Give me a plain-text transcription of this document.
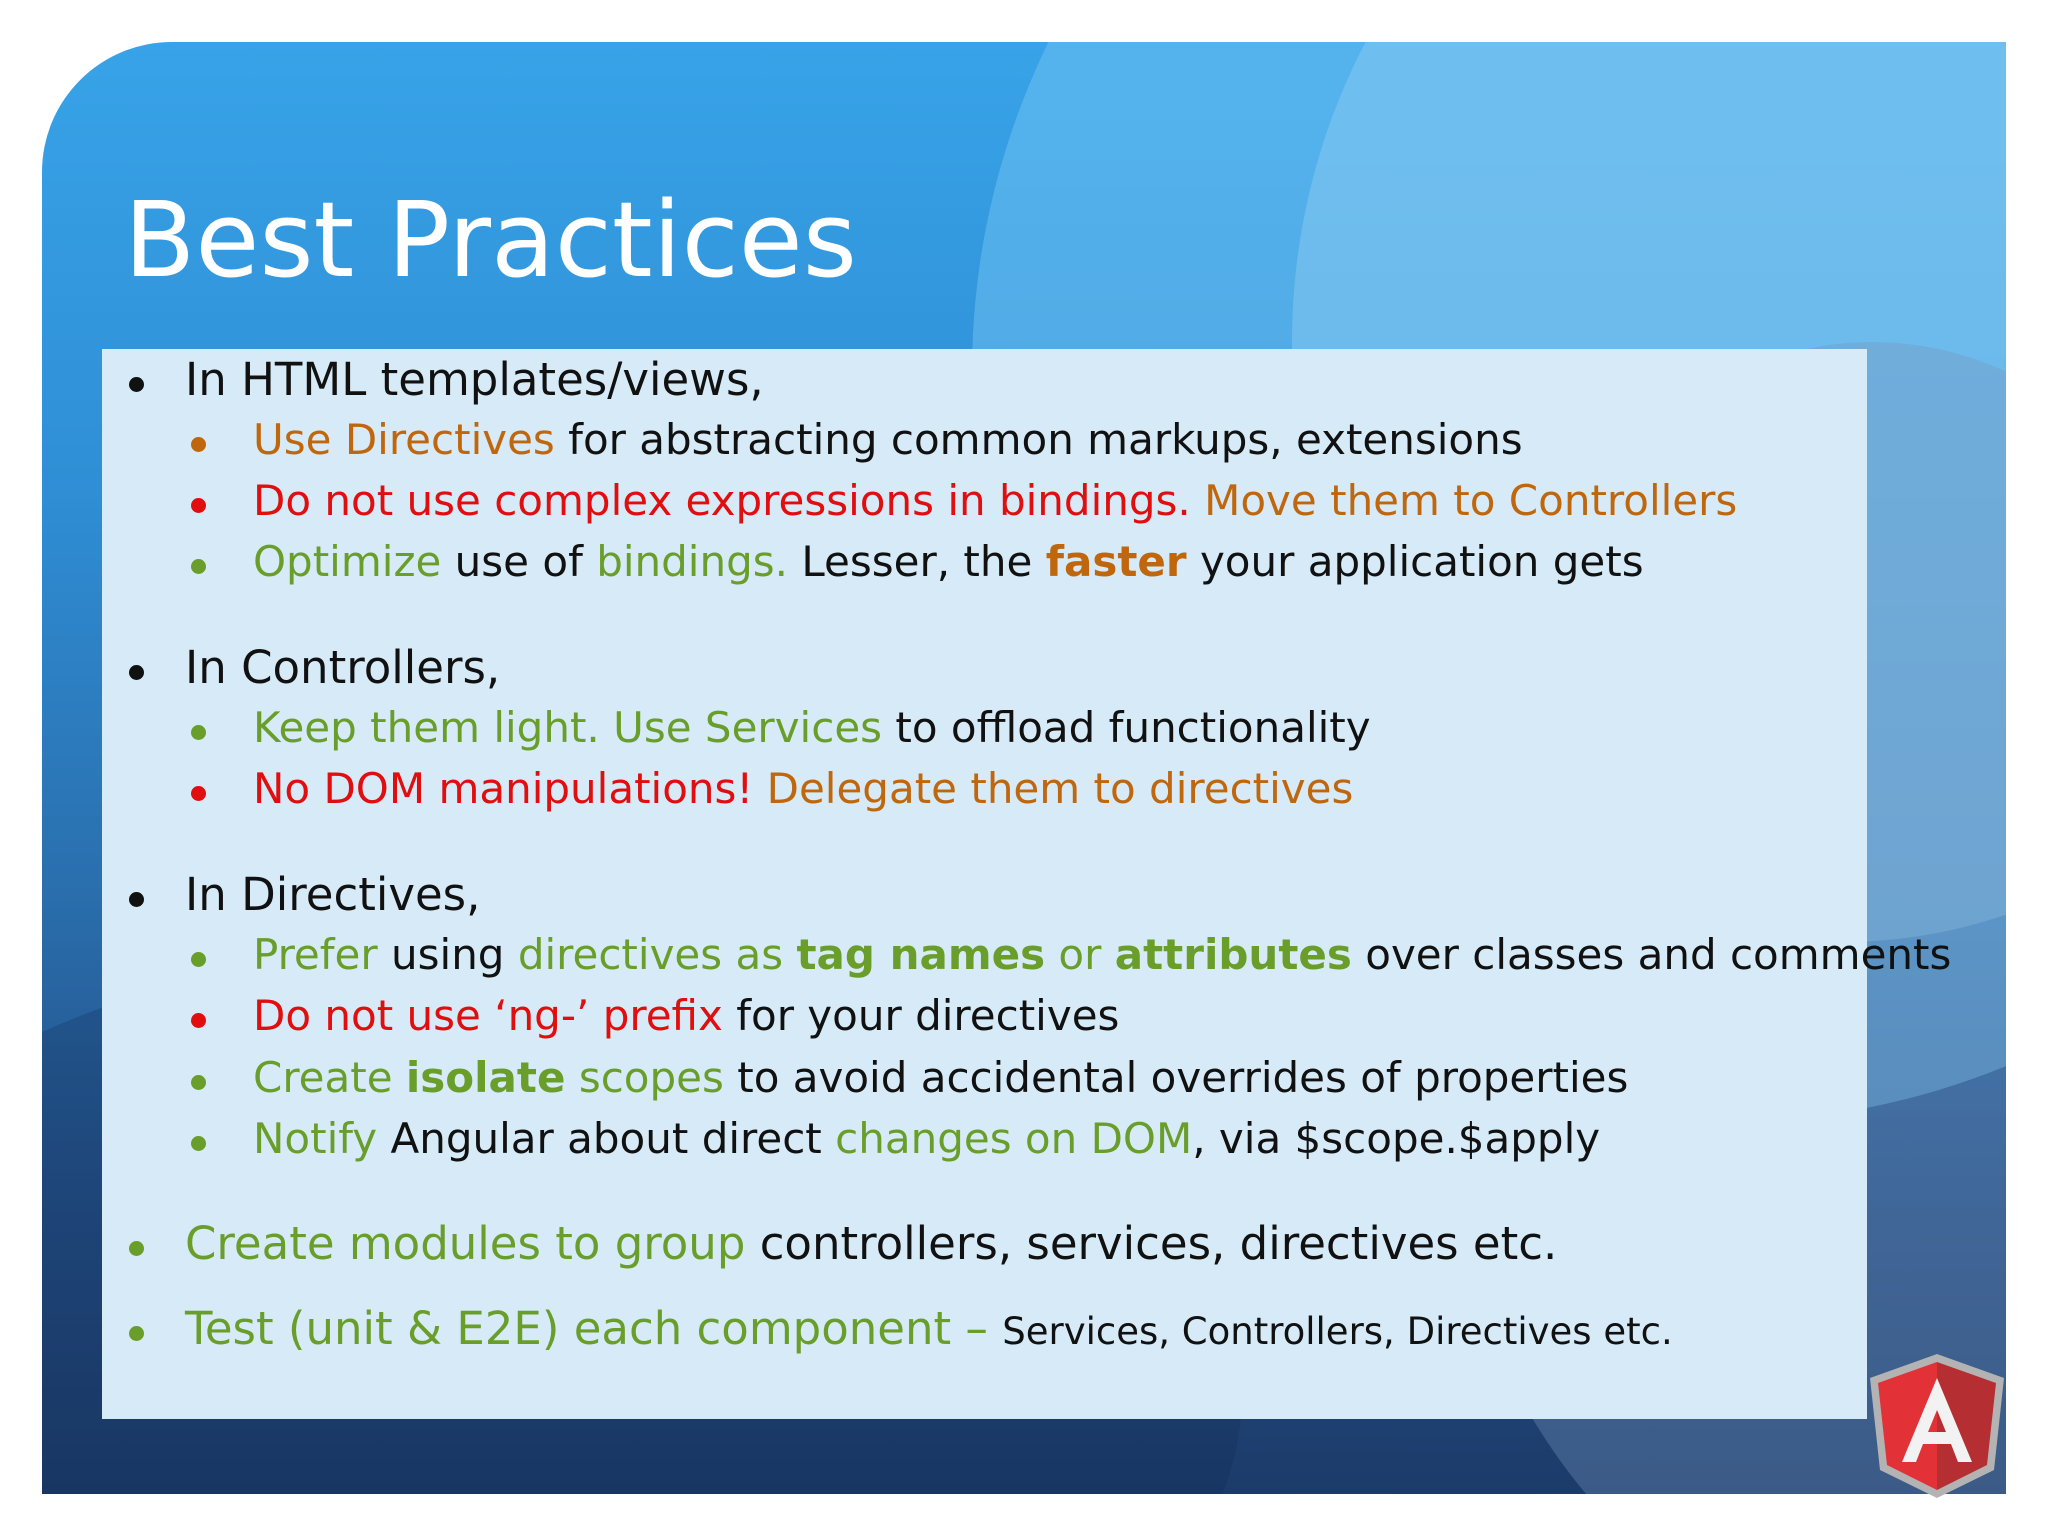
Best Practices
In HTML templates/views,
Use Directives for abstracting common markups, extensions
Do not use complex expressions in bindings. Move them to Controllers
Optimize use of bindings. Lesser, the faster your application gets
In Controllers,
Keep them light. Use Services to offload functionality
No DOM manipulations! Delegate them to directives
In Directives,
Prefer using directives as tag names or attributes over classes and comments
Do not use ‘ng-’ prefix for your directives
Create isolate scopes to avoid accidental overrides of properties
Notify Angular about direct changes on DOM, via $scope.$apply
Create modules to group controllers, services, directives etc.
Test (unit & E2E) each component – Services, Controllers, Directives etc.
